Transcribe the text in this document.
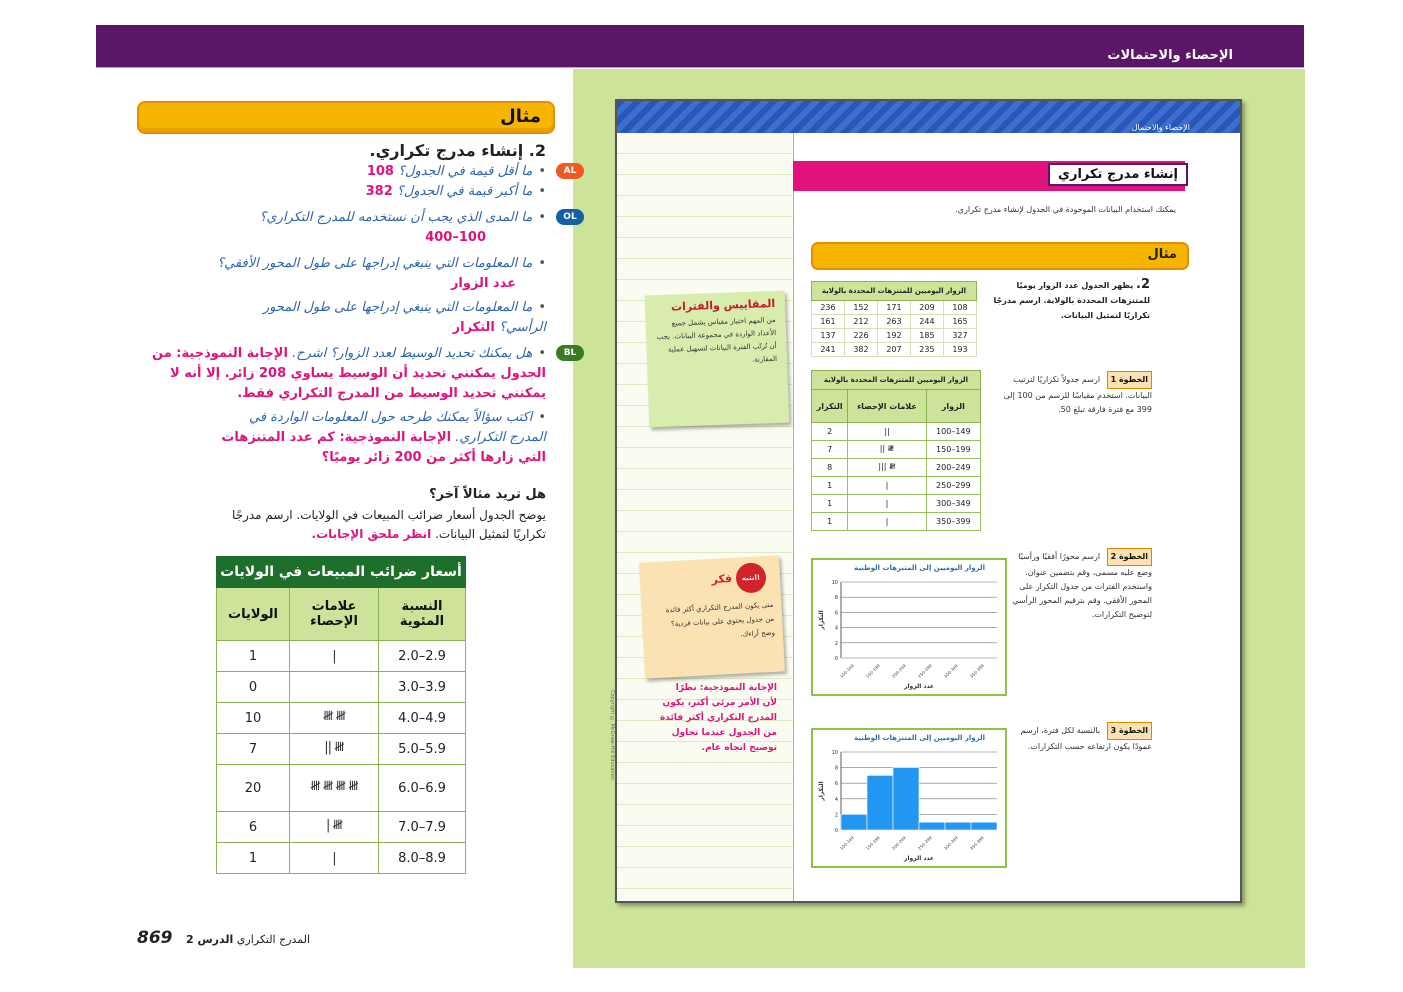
الإحصاء والاحتمالات
مثال
2. إنشاء مدرج تكراري.
AL
• ما أقل قيمة في الجدول؟ 108
• ما أكبر قيمة في الجدول؟ 382
OL
• ما المدى الذي يجب أن نستخدمه للمدرج التكراري؟
100–400
• ما المعلومات التي ينبغي إدراجها على طول المحور الأفقي؟
عدد الزوار
• ما المعلومات التي ينبغي إدراجها على طول المحور الرأسي؟ التكرار
BL
• هل يمكنك تحديد الوسيط لعدد الزوار؟ اشرح. الإجابة النموذجية: من الجدول يمكنني تحديد أن الوسيط يساوي 208 زائر. إلا أنه لا يمكنني تحديد الوسيط من المدرج التكراري فقط.
• اكتب سؤالاً يمكنك طرحه حول المعلومات الواردة في المدرج التكراري. الإجابة النموذجية: كم عدد المتنزهات التي زارها أكثر من 200 زائر يوميًا؟
هل تريد مثالاً آخر؟
يوضح الجدول أسعار ضرائب المبيعات في الولايات. ارسم مدرجًا تكراريًا لتمثيل البيانات. انظر ملحق الإجابات.
أسعار ضرائب المبيعات في الولايات		
النسبة المئوية	علامات الإحصاء	الولايات
2.0–2.9	|	1
3.0–3.9		0
4.0–4.9	𝍸 𝍸	10
5.0–5.9	𝍸 ||	7
6.0–6.9	𝍸 𝍸 𝍸 𝍸	20
7.0–7.9	𝍸 |	6
8.0–8.9	|	1
869	المدرج التكراري الدرس 2
الإحصاء والاحتمال
المقاييس والفترات
من المهم اختيار مقياس يشمل جميع الأعداد الواردة في مجموعة البيانات. يجب أن تُرتّب الفترة البيانات لتسهيل عملية المقارنة.
انتبه!
فكر
متى يكون المدرج التكراري أكثر فائدة من جدول يحتوي على بيانات فردية؟ وضح آراءك.
الإجابة النموذجية: نظرًا لأن الأمر مرئي أكثر، يكون المدرج التكراري أكثر فائدة من الجدول عندما تحاول توضيح اتجاه عام.
إنشاء مدرج تكراري
يمكنك استخدام البيانات الموجودة في الجدول لإنشاء مدرج تكراري.
مثال
2. يظهر الجدول عدد الزوار يوميًا للمتنزهات المحددة بالولاية. ارسم مدرجًا تكراريًا لتمثيل البيانات.
الزوار اليوميين للمتنزهات المحددة بالولاية				
236	152	171	209	108
161	212	263	244	165
137	226	192	185	327
241	382	207	235	193
الزوار اليوميين للمتنزهات المحددة بالولاية		
الزوار	علامات الإحصاء	التكرار
100–149	||	2
150–199	𝍸 ||	7
200–249	𝍸 |||	8
250–299	|	1
300–349	|	1
350–399	|	1
الخطوة 1 ارسم جدولاً تكراريًا لترتيب البيانات. استخدم مقياسًا للرسم من 100 إلى 399 مع فترة فارقة تبلغ 50.
الخطوة 2 ارسم محورًا أفقيًا ورأسيًا وضع عليه مسمى، وقم بتضمين عنوان. واستخدم الفترات من جدول التكرار على المحور الأفقي. وقم بترقيم المحور الرأسي لتوضيح التكرارات.
الخطوة 3 بالنسبة لكل فترة، ارسم عمودًا يكون ارتفاعه حسب التكرارات.
الزوار اليوميين إلى المتنزهات الوطنية
0
2
4
6
8
10
100–149	150–199	200–249	250–299	300–349	350–399
عدد الزوار
التكرار
الزوار اليوميين إلى المتنزهات الوطنية
0
2
4
6
8
10
100–149	150–199	200–249	250–299	300–349	350–399
عدد الزوار
التكرار
Copyright © McGraw-Hill Education
